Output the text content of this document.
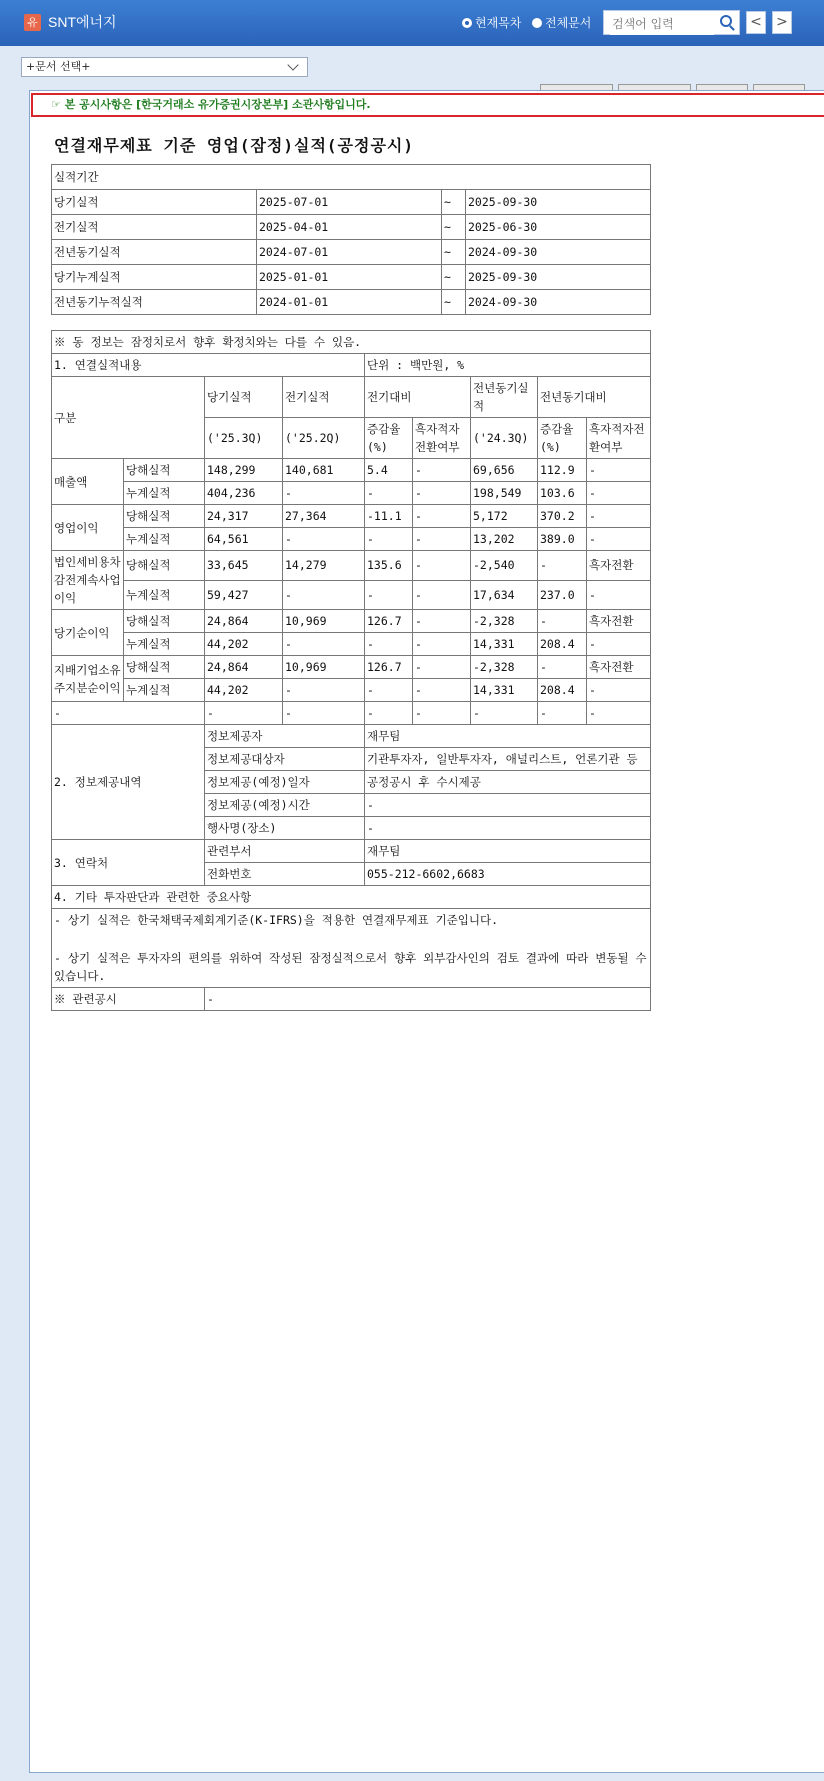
유 SNT에너지	현재목차 전체문서
검색어 입력	< >
+문서 선택+
☞ 본 공시사항은 [한국거래소 유가증권시장본부] 소관사항입니다.
연결재무제표 기준 영업(잠정)실적(공정공시)
실적기간			
당기실적	2025-07-01	~	2025-09-30
전기실적	2025-04-01	~	2025-06-30
전년동기실적	2024-07-01	~	2024-09-30
당기누계실적	2025-01-01	~	2025-09-30
전년동기누적실적	2024-01-01	~	2024-09-30
※ 동 정보는 잠정치로서 향후 확정치와는 다를 수 있음.								
1. 연결실적내용				단위 : 백만원, %				
구분		당기실적	전기실적	전기대비		전년동기실적	전년동기대비	
		('25.3Q)	('25.2Q)	증감율(%)	흑자적자전환여부	('24.3Q)	증감율(%)	흑자적자전환여부
매출액	당해실적	148,299	140,681	5.4	-	69,656	112.9	-
	누계실적	404,236	-	-	-	198,549	103.6	-
영업이익	당해실적	24,317	27,364	-11.1	-	5,172	370.2	-
	누계실적	64,561	-	-	-	13,202	389.0	-
법인세비용차감전계속사업이익	당해실적	33,645	14,279	135.6	-	-2,540	-	흑자전환
	누계실적	59,427	-	-	-	17,634	237.0	-
당기순이익	당해실적	24,864	10,969	126.7	-	-2,328	-	흑자전환
	누계실적	44,202	-	-	-	14,331	208.4	-
지배기업소유주지분순이익	당해실적	24,864	10,969	126.7	-	-2,328	-	흑자전환
	누계실적	44,202	-	-	-	14,331	208.4	-
-		-	-	-	-	-	-	-
2. 정보제공내역		정보제공자		재무팀				
		정보제공대상자		기관투자자, 일반투자자, 애널리스트, 언론기관 등				
		정보제공(예정)일자		공정공시 후 수시제공				
		정보제공(예정)시간		-				
		행사명(장소)		-				
3. 연락처		관련부서		재무팀				
		전화번호		055-212-6602,6683				
4. 기타 투자판단과 관련한 중요사항								

- 상기 실적은 한국채택국제회계기준(K-IFRS)을 적용한 연결재무제표 기준입니다.
- 상기 실적은 투자자의 편의를 위하여 작성된 잠정실적으로서 향후 외부감사인의 검토 결과에 따라 변동될 수 있습니다.								

※ 관련공시		-						
